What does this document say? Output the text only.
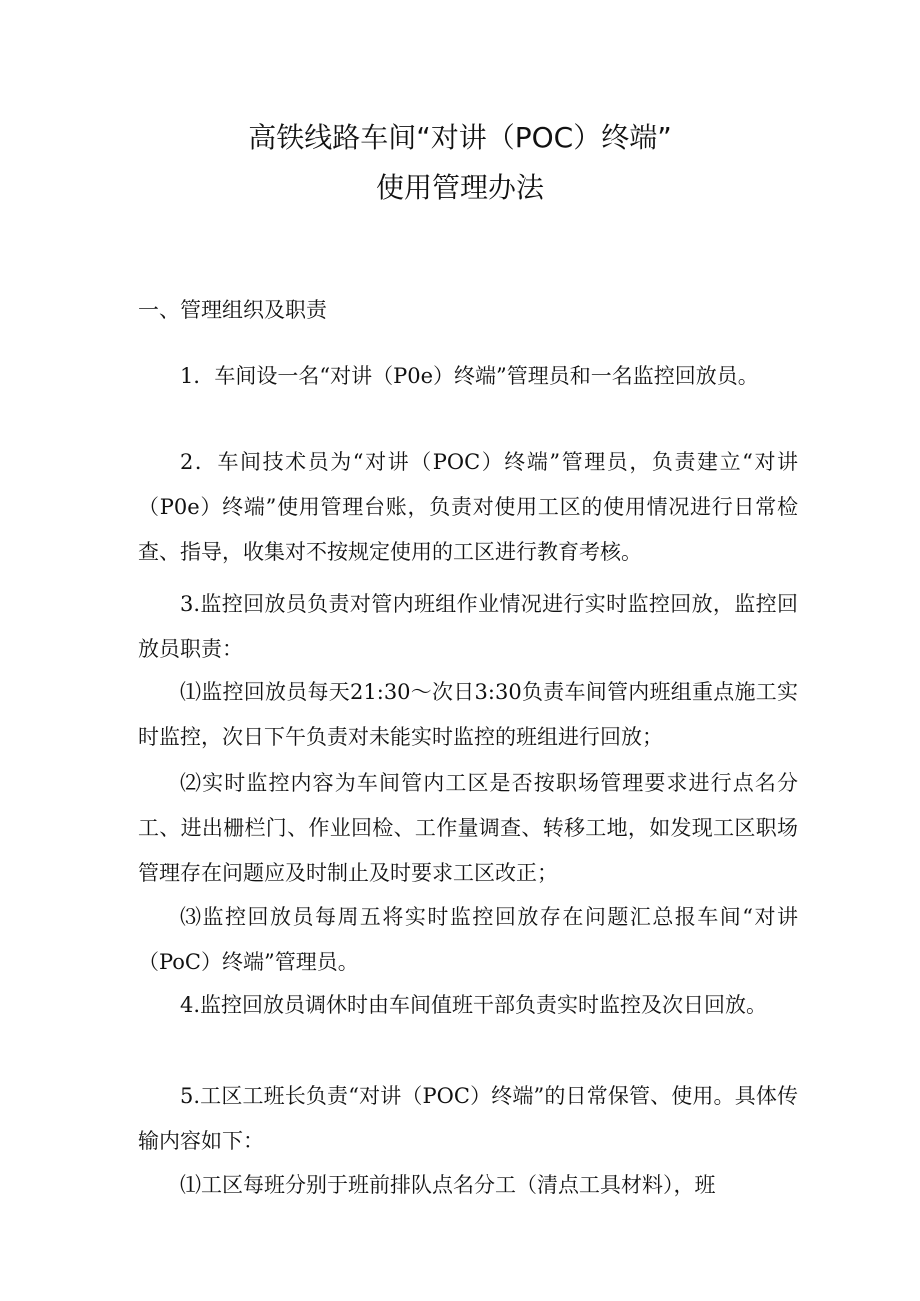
高铁线路车间“对讲（POC）终端”
使用管理办法
一、管理组织及职责

1．车间设一名“对讲（P0e）终端”管理员和一名监控回放员。

2．车间技术员为“对讲（POC）终端”管理员，负责建立“对讲（P0e）终端”使用管理台账，负责对使用工区的使用情况进行日常检查、指导，收集对不按规定使用的工区进行教育考核。

3.监控回放员负责对管内班组作业情况进行实时监控回放，监控回放员职责：

⑴监控回放员每天21:30～次日3:30负责车间管内班组重点施工实时监控，次日下午负责对未能实时监控的班组进行回放；

⑵实时监控内容为车间管内工区是否按职场管理要求进行点名分工、进出栅栏门、作业回检、工作量调查、转移工地，如发现工区职场管理存在问题应及时制止及时要求工区改正；

⑶监控回放员每周五将实时监控回放存在问题汇总报车间“对讲（PoC）终端”管理员。

4.监控回放员调休时由车间值班干部负责实时监控及次日回放。

5.工区工班长负责“对讲（POC）终端”的日常保管、使用。具体传输内容如下：

⑴工区每班分别于班前排队点名分工（清点工具材料），班
